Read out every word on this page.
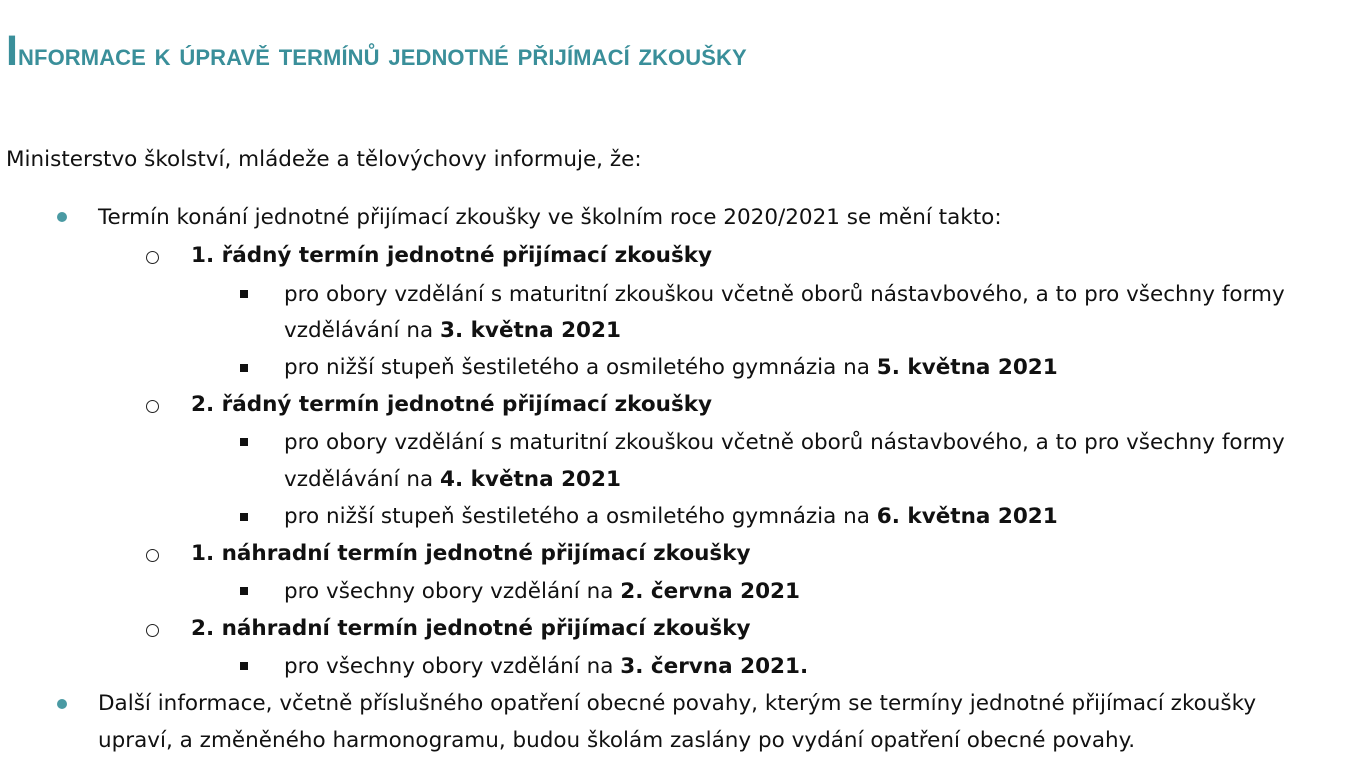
Informace k úpravě termínů jednotné přijímací zkoušky
Ministerstvo školství, mládeže a tělovýchovy informuje, že:
Termín konání jednotné přijímací zkoušky ve školním roce 2020/2021 se mění takto:
1. řádný termín jednotné přijímací zkoušky
pro obory vzdělání s maturitní zkouškou včetně oborů nástavbového, a to pro všechny formy
vzdělávání na 3. května 2021
pro nižší stupeň šestiletého a osmiletého gymnázia na 5. května 2021
2. řádný termín jednotné přijímací zkoušky
pro obory vzdělání s maturitní zkouškou včetně oborů nástavbového, a to pro všechny formy
vzdělávání na 4. května 2021
pro nižší stupeň šestiletého a osmiletého gymnázia na 6. května 2021
1. náhradní termín jednotné přijímací zkoušky
pro všechny obory vzdělání na 2. června 2021
2. náhradní termín jednotné přijímací zkoušky
pro všechny obory vzdělání na 3. června 2021.
Další informace, včetně příslušného opatření obecné povahy, kterým se termíny jednotné přijímací zkoušky
upraví, a změněného harmonogramu, budou školám zaslány po vydání opatření obecné povahy.
